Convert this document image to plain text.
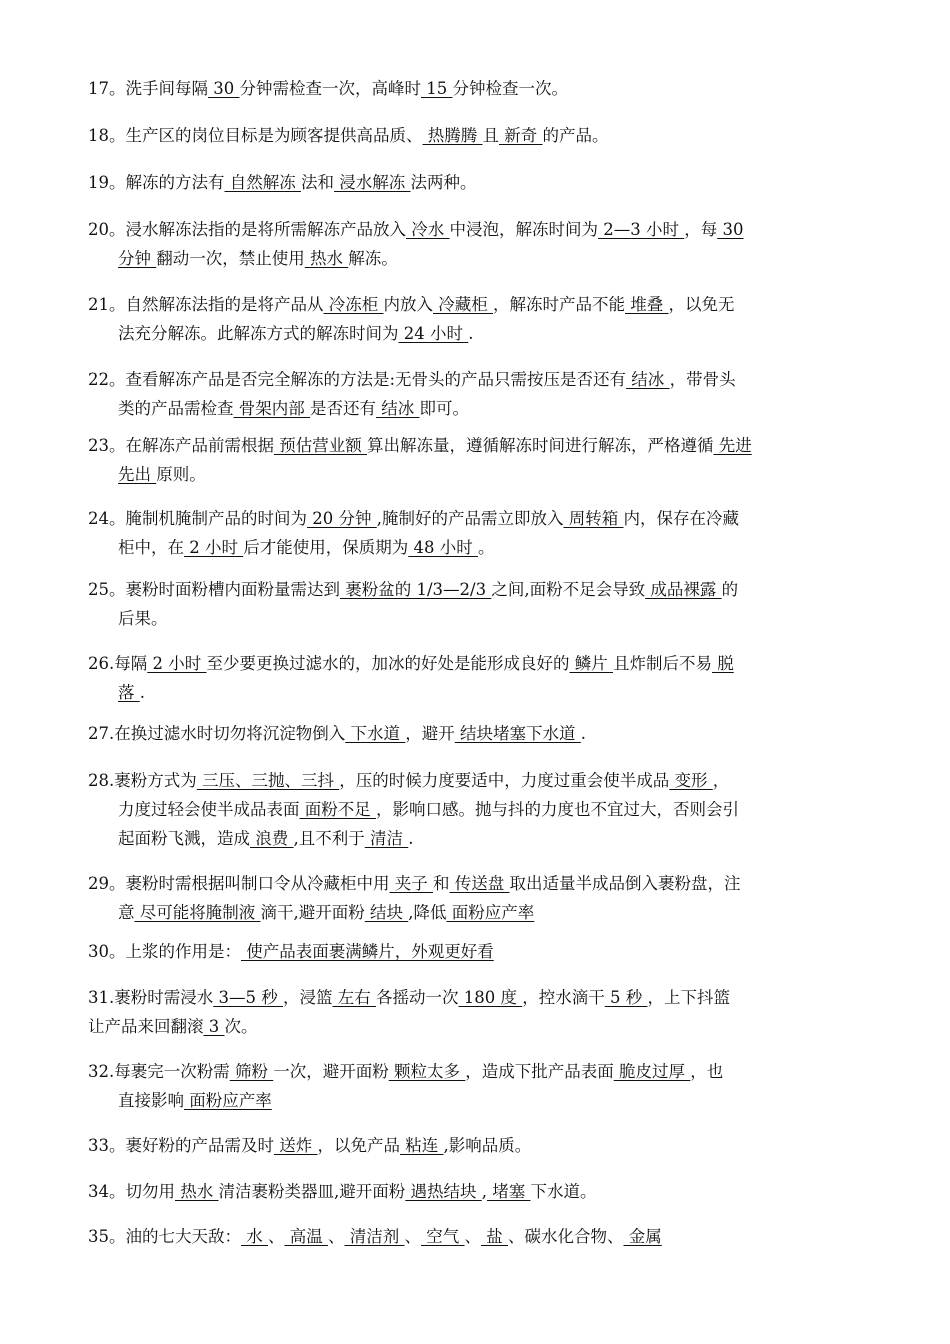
17。洗手间每隔 30 分钟需检查一次，高峰时 15 分钟检查一次。
18。生产区的岗位目标是为顾客提供高品质、 热腾腾 且 新奇 的产品。
19。解冻的方法有 自然解冻 法和 浸水解冻 法两种。
20。浸水解冻法指的是将所需解冻产品放入 冷水 中浸泡，解冻时间为 2—3 小时 ，每 30
分钟 翻动一次，禁止使用 热水 解冻。
21。自然解冻法指的是将产品从 冷冻柜 内放入 冷藏柜 ，解冻时产品不能 堆叠 ，以免无
法充分解冻。此解冻方式的解冻时间为 24 小时 .
22。查看解冻产品是否完全解冻的方法是:无骨头的产品只需按压是否还有 结冰 ，带骨头
类的产品需检查 骨架内部 是否还有 结冰 即可。
23。在解冻产品前需根据 预估营业额 算出解冻量，遵循解冻时间进行解冻，严格遵循 先进
先出 原则。
24。腌制机腌制产品的时间为 20 分钟 ,腌制好的产品需立即放入 周转箱 内，保存在冷藏
柜中，在 2 小时 后才能使用，保质期为 48 小时 。
25。裹粉时面粉槽内面粉量需达到 裹粉盆的 1/3—2/3 之间,面粉不足会导致 成品裸露 的
后果。
26.每隔 2 小时 至少要更换过滤水的，加冰的好处是能形成良好的 鳞片 且炸制后不易 脱
落 .
27.在换过滤水时切勿将沉淀物倒入 下水道 ，避开 结块堵塞下水道 .
28.裹粉方式为 三压、三抛、三抖 ，压的时候力度要适中，力度过重会使半成品 变形 ，
力度过轻会使半成品表面 面粉不足 ，影响口感。抛与抖的力度也不宜过大，否则会引
起面粉飞溅，造成 浪费 ,且不利于 清洁 .
29。裹粉时需根据叫制口令从冷藏柜中用 夹子 和 传送盘 取出适量半成品倒入裹粉盘，注
意 尽可能将腌制液 滴干,避开面粉 结块 ,降低 面粉应产率
30。上浆的作用是： 使产品表面裹满鳞片，外观更好看
31.裹粉时需浸水 3—5 秒 ，浸篮 左右 各摇动一次 180 度 ，控水滴干 5 秒 ，上下抖篮
让产品来回翻滚 3 次。
32.每裹完一次粉需 筛粉 一次，避开面粉 颗粒太多 ，造成下批产品表面 脆皮过厚 ，也
直接影响 面粉应产率
33。裹好粉的产品需及时 送炸 ，以免产品 粘连 ,影响品质。
34。切勿用 热水 清洁裹粉类器皿,避开面粉 遇热结块 , 堵塞 下水道。
35。油的七大天敌： 水 、 高温 、 清洁剂 、 空气 、 盐 、碳水化合物、 金属
